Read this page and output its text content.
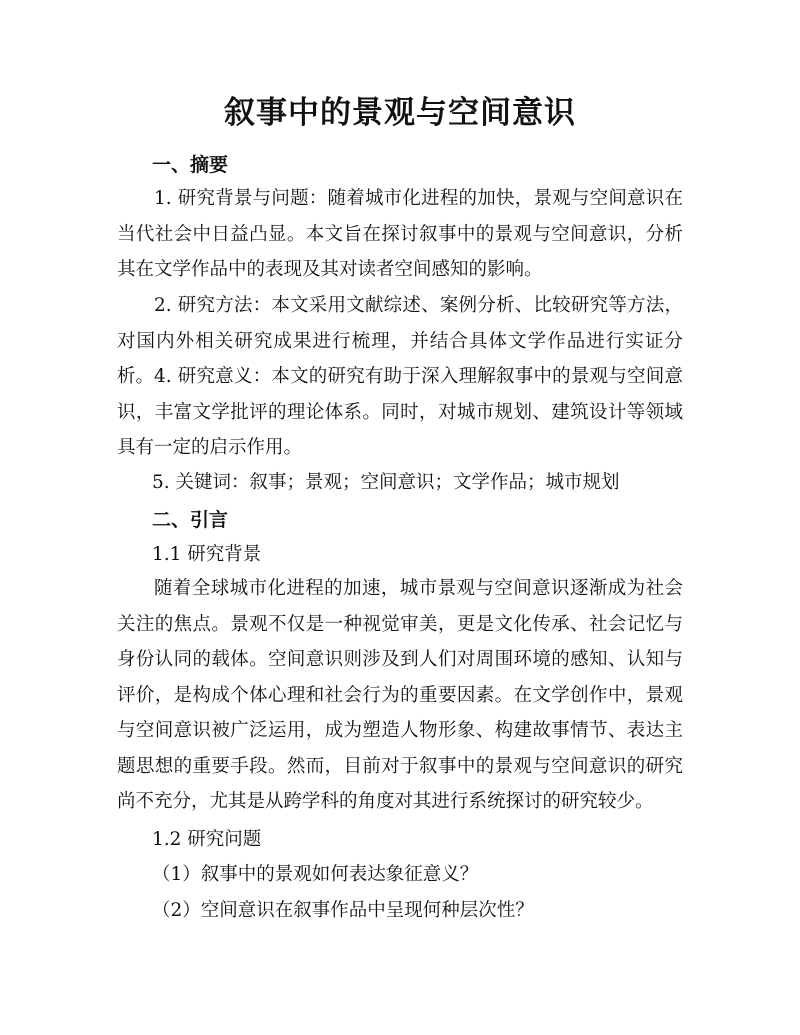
叙事中的景观与空间意识
一、摘要

1. 研究背景与问题：随着城市化进程的加快，景观与空间意识在当代社会中日益凸显。本文旨在探讨叙事中的景观与空间意识，分析其在文学作品中的表现及其对读者空间感知的影响。

2. 研究方法：本文采用文献综述、案例分析、比较研究等方法，对国内外相关研究成果进行梳理，并结合具体文学作品进行实证分析。 4. 研究意义：本文的研究有助于深入理解叙事中的景观与空间意识，丰富文学批评的理论体系。同时，对城市规划、建筑设计等领域具有一定的启示作用。

5. 关键词：叙事；景观；空间意识；文学作品；城市规划

二、引言

1.1 研究背景

随着全球城市化进程的加速，城市景观与空间意识逐渐成为社会关注的焦点。景观不仅是一种视觉审美，更是文化传承、社会记忆与身份认同的载体。空间意识则涉及到人们对周围环境的感知、认知与评价，是构成个体心理和社会行为的重要因素。在文学创作中，景观与空间意识被广泛运用，成为塑造人物形象、构建故事情节、表达主题思想的重要手段。然而，目前对于叙事中的景观与空间意识的研究尚不充分，尤其是从跨学科的角度对其进行系统探讨的研究较少。

1.2 研究问题

（1）叙事中的景观如何表达象征意义？

（2）空间意识在叙事作品中呈现何种层次性？
